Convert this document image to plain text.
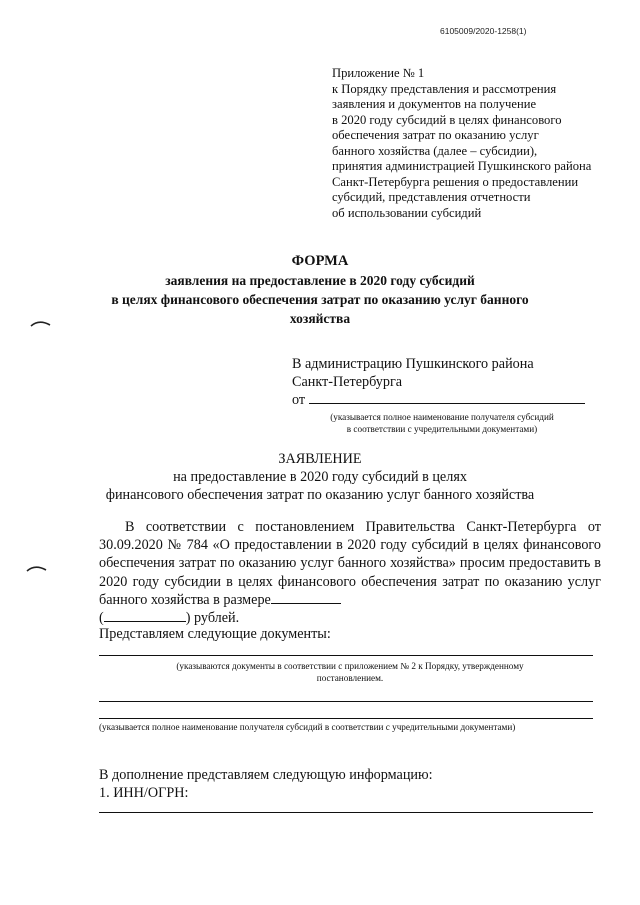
6105009/2020-1258(1)
Приложение № 1
к Порядку представления и рассмотрения
заявления и документов на получение
в 2020 году субсидий в целях финансового
обеспечения затрат по оказанию услуг
банного хозяйства (далее – субсидии),
принятия администрацией Пушкинского района
Санкт-Петербурга решения о предоставлении
субсидий, представления отчетности
об использовании субсидий
ФОРМА
заявления на предоставление в 2020 году субсидий
в целях финансового обеспечения затрат по оказанию услуг банного
хозяйства
В администрацию Пушкинского района
Санкт-Петербурга
от
(указывается полное наименование получателя субсидий
в соответствии с учредительными документами)
ЗАЯВЛЕНИЕ
на предоставление в 2020 году субсидий в целях
финансового обеспечения затрат по оказанию услуг банного хозяйства

В соответствии с постановлением Правительства Санкт-Петербурга от 30.09.2020 № 784 «О предоставлении в 2020 году субсидий в целях финансового обеспечения затрат по оказанию услуг банного хозяйства» просим предоставить в 2020 году субсидии в целях финансового обеспечения затрат по оказанию услуг банного хозяйства в размере

(	) рублей.
Представляем следующие документы:
(указываются документы в соответствии с приложением № 2 к Порядку, утвержденному
постановлением.
(указывается полное наименование получателя субсидий в соответствии с учредительными документами)
В дополнение представляем следующую информацию:
1. ИНН/ОГРН:
